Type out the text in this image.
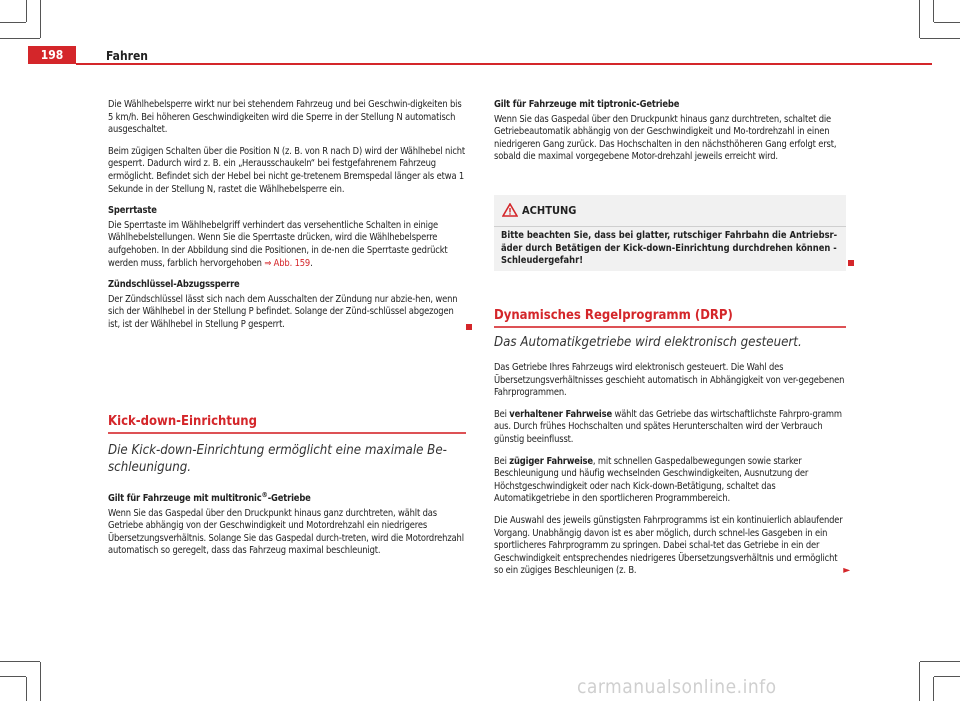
198	Fahren

Die Wählhebelsperre wirkt nur bei stehendem Fahrzeug und bei Geschwin-digkeiten bis 5 km/h. Bei höheren Geschwindigkeiten wird die Sperre in der Stellung N automatisch ausgeschaltet.

Beim zügigen Schalten über die Position N (z. B. von R nach D) wird der Wählhebel nicht gesperrt. Dadurch wird z. B. ein „Herausschaukeln“ bei festgefahrenem Fahrzeug ermöglicht. Befindet sich der Hebel bei nicht ge-tretenem Bremspedal länger als etwa 1 Sekunde in der Stellung N, rastet die Wählhebelsperre ein.

Sperrtaste

Die Sperrtaste im Wählhebelgriff verhindert das versehentliche Schalten in einige Wählhebelstellungen. Wenn Sie die Sperrtaste drücken, wird die Wählhebelsperre aufgehoben. In der Abbildung sind die Positionen, in de-nen die Sperrtaste gedrückt werden muss, farblich hervorgehoben ⇒ Abb. 159.

Zündschlüssel-Abzugssperre

Der Zündschlüssel lässt sich nach dem Ausschalten der Zündung nur abzie-hen, wenn sich der Wählhebel in der Stellung P befindet. Solange der Zünd-schlüssel abgezogen ist, ist der Wählhebel in Stellung P gesperrt.

Kick-down-Einrichtung
Die Kick-down-Einrichtung ermöglicht eine maximale Be-schleunigung.

Gilt für Fahrzeuge mit multitronic®-Getriebe

Wenn Sie das Gaspedal über den Druckpunkt hinaus ganz durchtreten, wählt das Getriebe abhängig von der Geschwindigkeit und Motordrehzahl ein niedrigeres Übersetzungsverhältnis. Solange Sie das Gaspedal durch-treten, wird die Motordrehzahl automatisch so geregelt, dass das Fahrzeug maximal beschleunigt.

Gilt für Fahrzeuge mit tiptronic-Getriebe

Wenn Sie das Gaspedal über den Druckpunkt hinaus ganz durchtreten, schaltet die Getriebeautomatik abhängig von der Geschwindigkeit und Mo-tordrehzahl in einen niedrigeren Gang zurück. Das Hochschalten in den nächsthöheren Gang erfolgt erst, sobald die maximal vorgegebene Motor-drehzahl jeweils erreicht wird.

ACHTUNG
Bitte beachten Sie, dass bei glatter, rutschiger Fahrbahn die Antriebsr-äder durch Betätigen der Kick-down-Einrichtung durchdrehen können - Schleudergefahr!
Dynamisches Regelprogramm (DRP)
Das Automatikgetriebe wird elektronisch gesteuert.

Das Getriebe Ihres Fahrzeugs wird elektronisch gesteuert. Die Wahl des Übersetzungsverhältnisses geschieht automatisch in Abhängigkeit von ver-gegebenen Fahrprogrammen.

Bei verhaltener Fahrweise wählt das Getriebe das wirtschaftlichste Fahrpro-gramm aus. Durch frühes Hochschalten und spätes Herunterschalten wird der Verbrauch günstig beeinflusst.

Bei zügiger Fahrweise, mit schnellen Gaspedalbewegungen sowie starker Beschleunigung und häufig wechselnden Geschwindigkeiten, Ausnutzung der Höchstgeschwindigkeit oder nach Kick-down-Betätigung, schaltet das Automatikgetriebe in den sportlicheren Programmbereich.

Die Auswahl des jeweils günstigsten Fahrprogramms ist ein kontinuierlich ablaufender Vorgang. Unabhängig davon ist es aber möglich, durch schnel-les Gasgeben in ein sportlicheres Fahrprogramm zu springen. Dabei schal-tet das Getriebe in ein der Geschwindigkeit entsprechendes niedrigeres Übersetzungsverhältnis und ermöglicht so ein zügiges Beschleunigen (z. B.	►

carmanualsonline.info
